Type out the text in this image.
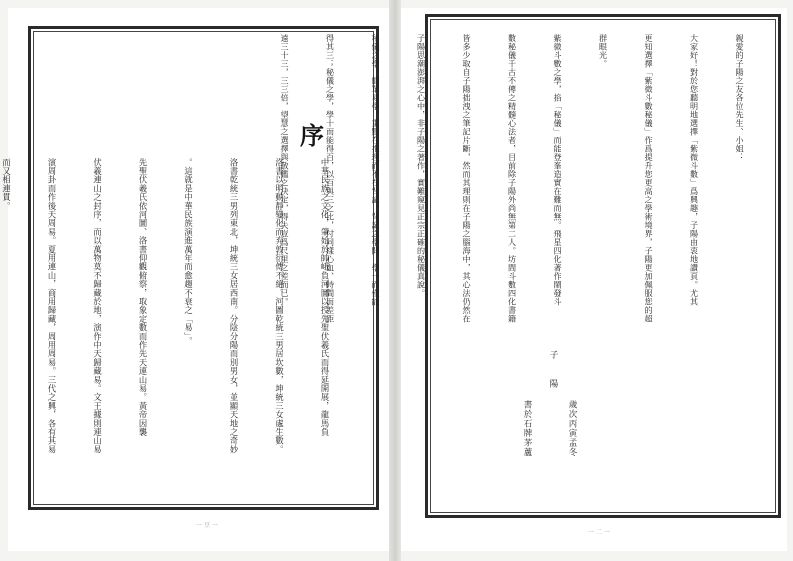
序

中華民族之文化，肇始於帥峨負河圖以授先聖伏羲氏而得延開展，龍馬負

洛書以明動靜變化而弃敦衍傳不絕。河圖乾統三男居坎數，坤統三女處生數。

洛書乾統三男列東北，坤統三女居西南。分陰分陽而別男女，並顯天地之奇妙

。這就是中華民族演進萬年而愈趨不衰之「易」。

先聖伏羲氏依河圖、洛書仰觀俯察，取象定數而作先天連山易。黃帝因襲

伏羲連山之封序，而以萬物莫不歸藏於地，演作中天歸藏易。文王據則連山易

演周卦而作後天周易。夏用連山，商用歸藏，周用周易。三代之興，各有其易

而又相連貫。

親愛的子陽之友各位先生、小姐：

大家好！對於您聽明地選擇「紫微斗數」爲興趣，子陽由衷地讚頁。尤其

更知選擇「紫微斗數秘儀」作爲提升您更高之學術境界，子陽更加佩服您的超

群眼光。

紫微斗數之學，掐「秘儀」而能登峯造實在難而無。飛星四化著作鬧發斗

數秘儀千古不傳之精髓心法者，目前除子陽外尚無第二人。坊間斗數四化書籍

皆多少取自子陽拙洩之筆記片斷，然而其理則在子陽之腦海中，其心法仍然在

子陽思潮澎湃之心中，非子陽之著作，實難窺見正宗正確的秘儀真說。

秘儀之學，簡單易學，重點在推理而不在背記。背記之學問，學一而僅能

得其三；秘儀之學，學十而能得百，以百與三之比，付同樣心血、時間而差距

遠三十三，三三倍，望慧之選擇與敬鑑之決定，得失豈爲尺里之差而已。

子　陽

歲次丙寅孟冬

書於石牌茅蘆

一豆一
一二一
